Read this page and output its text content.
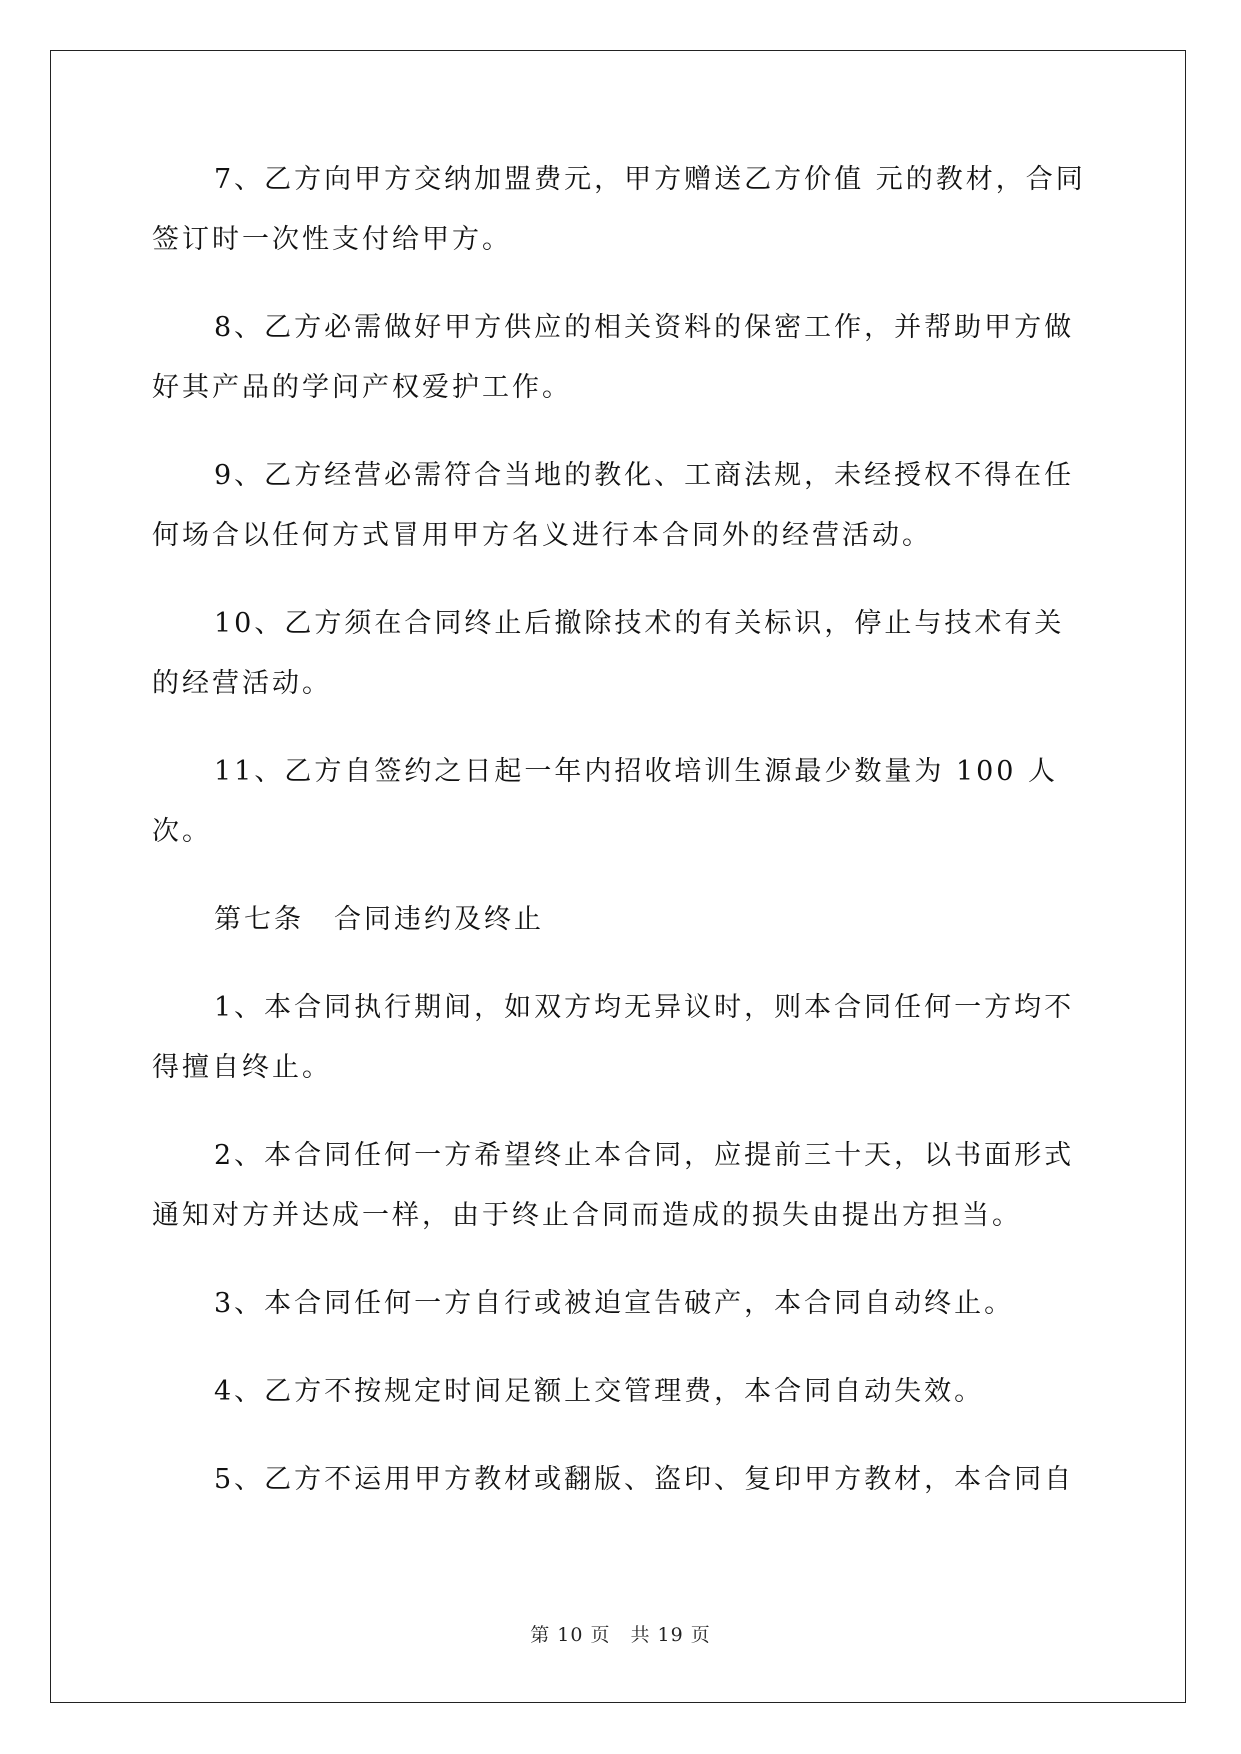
7、乙方向甲方交纳加盟费元，甲方赠送乙方价值 元的教材，合同签订时一次性支付给甲方。

8、乙方必需做好甲方供应的相关资料的保密工作，并帮助甲方做好其产品的学问产权爱护工作。

9、乙方经营必需符合当地的教化、工商法规，未经授权不得在任何场合以任何方式冒用甲方名义进行本合同外的经营活动。

10、乙方须在合同终止后撤除技术的有关标识，停止与技术有关的经营活动。

11、乙方自签约之日起一年内招收培训生源最少数量为 100 人次。

第七条　合同违约及终止

1、本合同执行期间，如双方均无异议时，则本合同任何一方均不得擅自终止。

2、本合同任何一方希望终止本合同，应提前三十天，以书面形式通知对方并达成一样，由于终止合同而造成的损失由提出方担当。

3、本合同任何一方自行或被迫宣告破产，本合同自动终止。

4、乙方不按规定时间足额上交管理费，本合同自动失效。

5、乙方不运用甲方教材或翻版、盗印、复印甲方教材，本合同自

第 10 页　共 19 页
